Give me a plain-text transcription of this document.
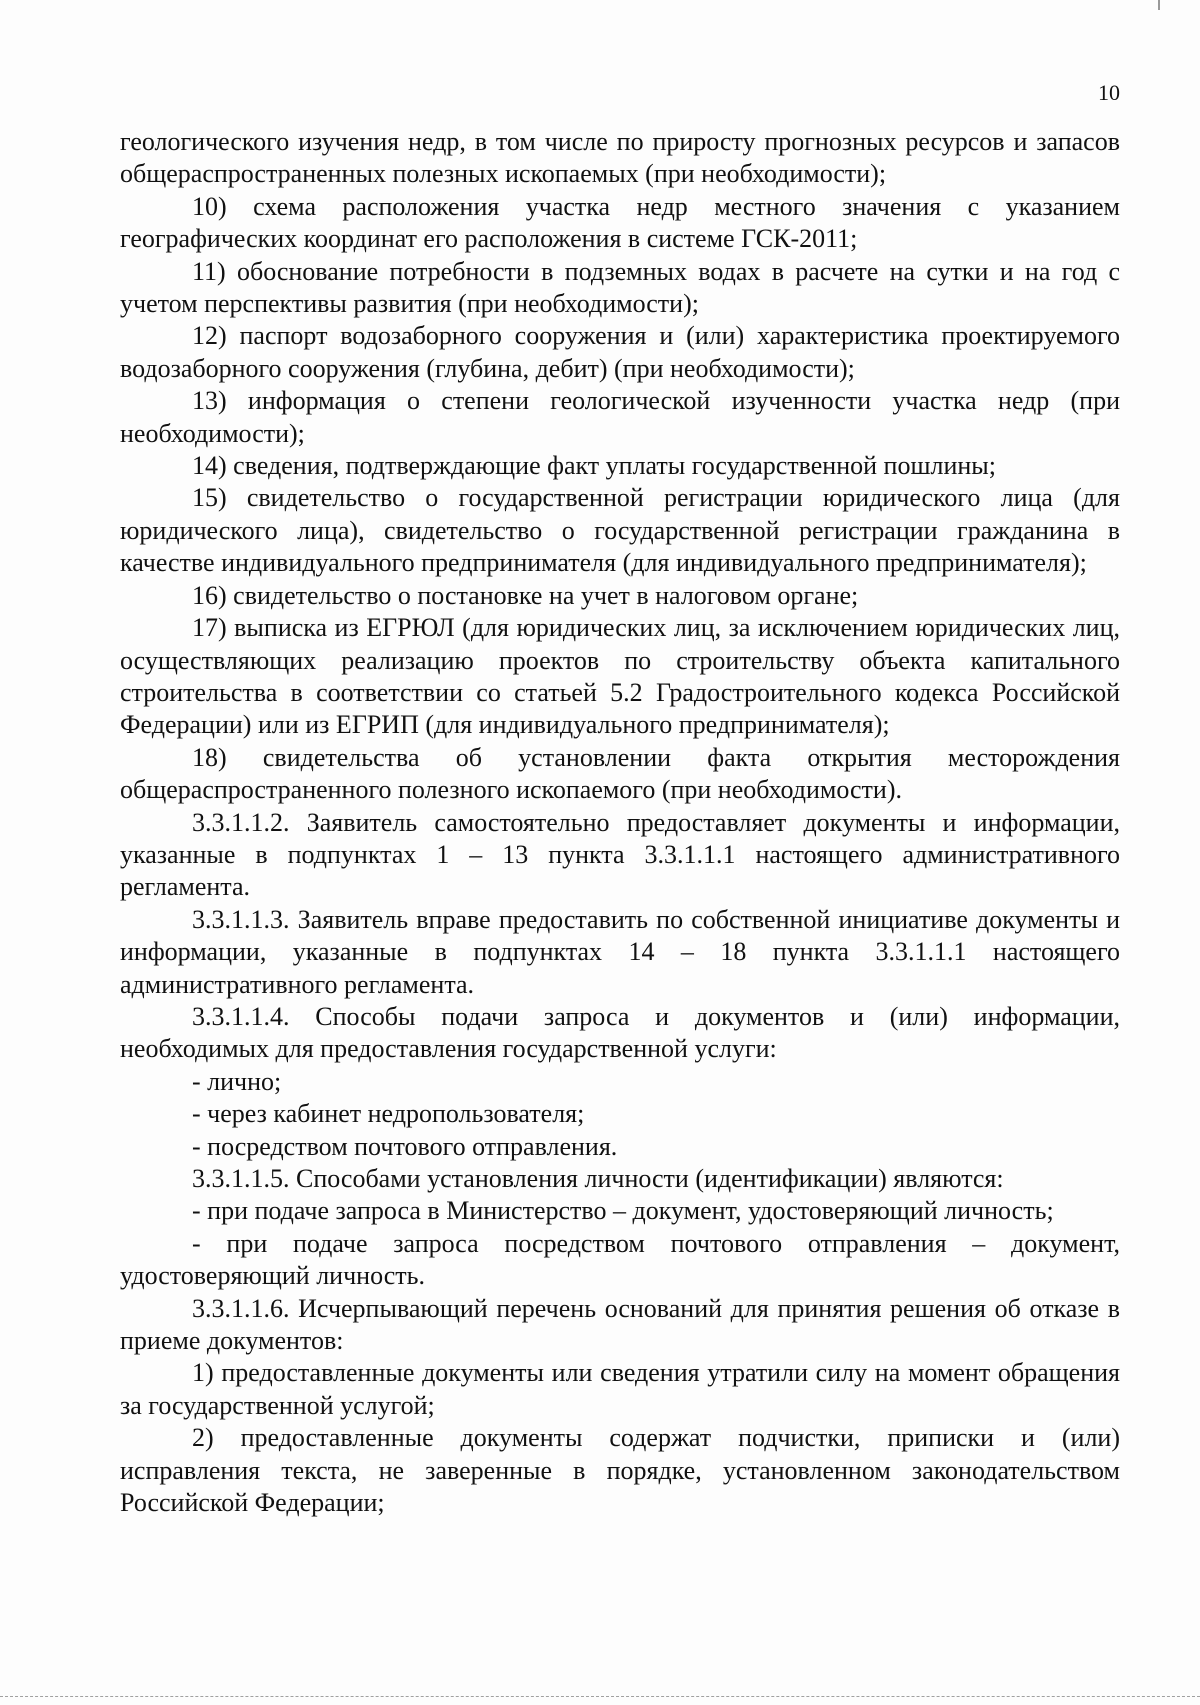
10

геологического изучения недр, в том числе по приросту прогнозных ресурсов и запасов общераспространенных полезных ископаемых (при необходимости);

10) схема расположения участка недр местного значения с указанием географических координат его расположения в системе ГСК-2011;

11) обоснование потребности в подземных водах в расчете на сутки и на год с учетом перспективы развития (при необходимости);

12) паспорт водозаборного сооружения и (или) характеристика проектируемого водозаборного сооружения (глубина, дебит) (при необходимости);

13) информация о степени геологической изученности участка недр (при необходимости);

14) сведения, подтверждающие факт уплаты государственной пошлины;

15) свидетельство о государственной регистрации юридического лица (для юридического лица), свидетельство о государственной регистрации гражданина в качестве индивидуального предпринимателя (для индивидуального предпринимателя);

16) свидетельство о постановке на учет в налоговом органе;

17) выписка из ЕГРЮЛ (для юридических лиц, за исключением юридических лиц, осуществляющих реализацию проектов по строительству объекта капитального строительства в соответствии со статьей 5.2 Градостроительного кодекса Российской Федерации) или из ЕГРИП (для индивидуального предпринимателя);

18) свидетельства об установлении факта открытия месторождения общераспространенного полезного ископаемого (при необходимости).

3.3.1.1.2. Заявитель самостоятельно предоставляет документы и информации, указанные в подпунктах 1 – 13 пункта 3.3.1.1.1 настоящего административного регламента.

3.3.1.1.3. Заявитель вправе предоставить по собственной инициативе документы и информации, указанные в подпунктах 14 – 18 пункта 3.3.1.1.1 настоящего административного регламента.

3.3.1.1.4. Способы подачи запроса и документов и (или) информации, необходимых для предоставления государственной услуги:

- лично;

- через кабинет недропользователя;

- посредством почтового отправления.

3.3.1.1.5. Способами установления личности (идентификации) являются:

- при подаче запроса в Министерство – документ, удостоверяющий личность;

- при подаче запроса посредством почтового отправления – документ, удостоверяющий личность.

3.3.1.1.6. Исчерпывающий перечень оснований для принятия решения об отказе в приеме документов:

1) предоставленные документы или сведения утратили силу на момент обращения за государственной услугой;

2) предоставленные документы содержат подчистки, приписки и (или) исправления текста, не заверенные в порядке, установленном законодательством Российской Федерации;
